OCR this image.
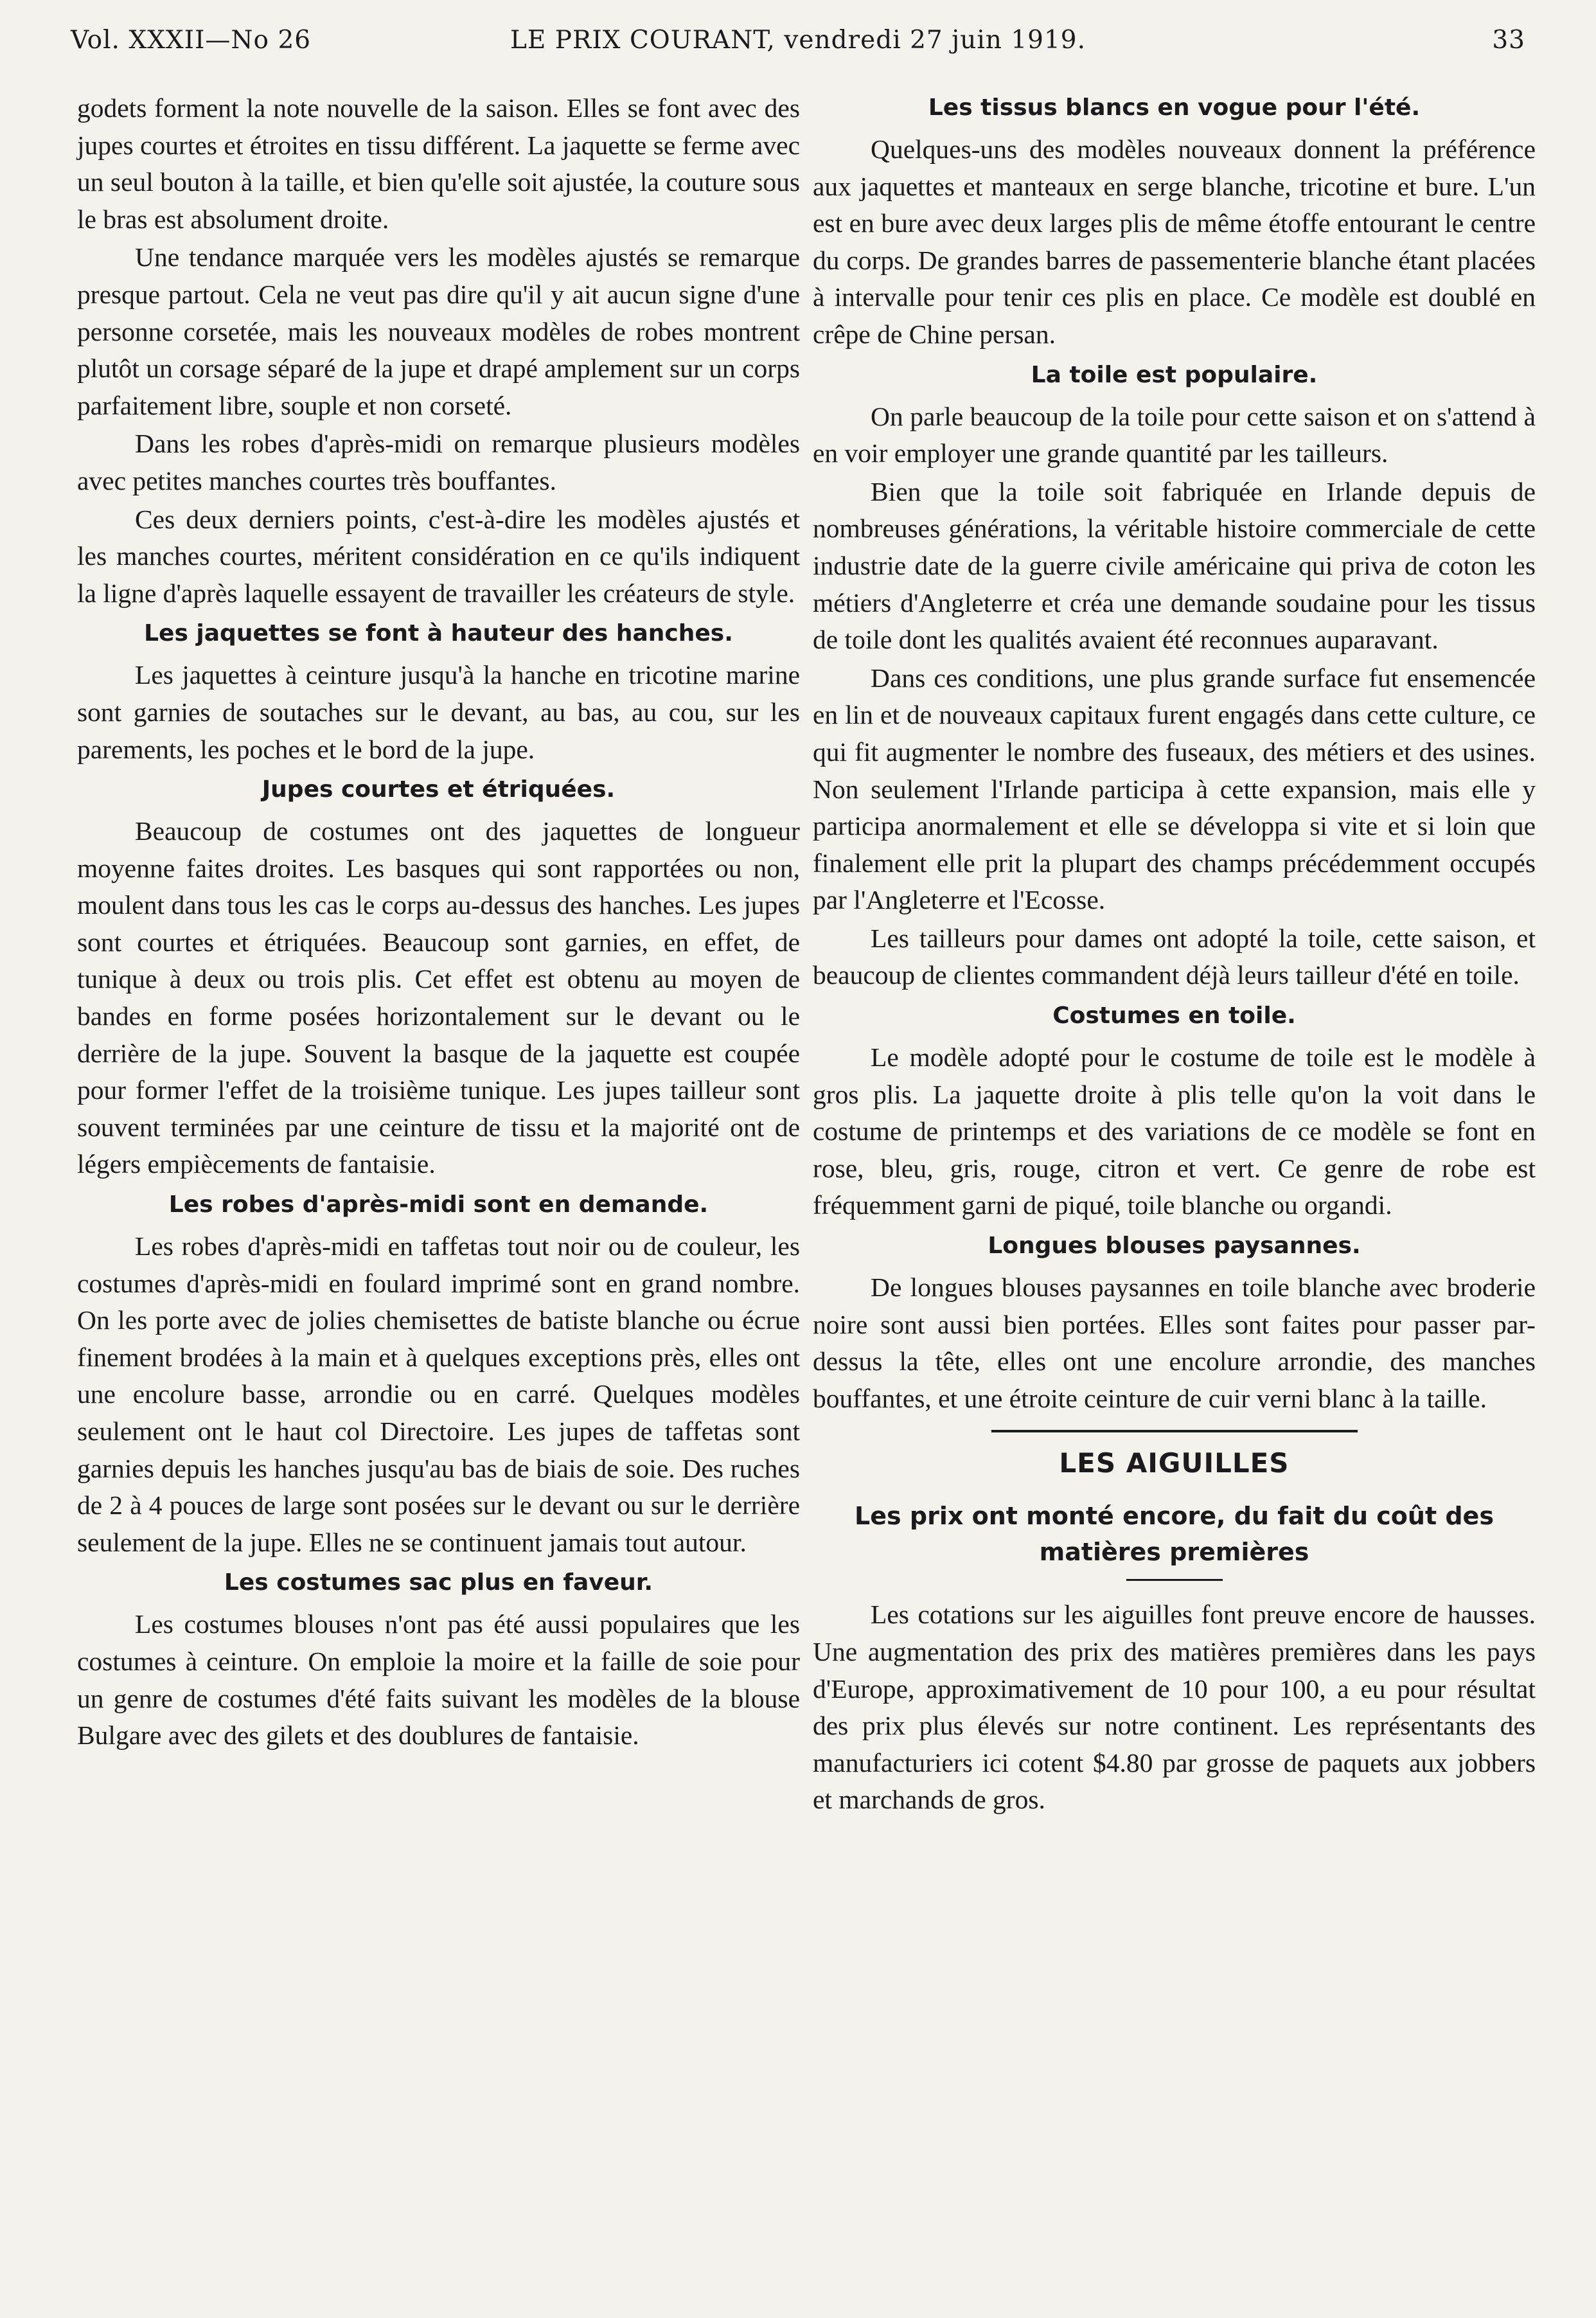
Vol. XXXII—No 26	LE PRIX COURANT, vendredi 27 juin 1919.	33

godets forment la note nouvelle de la saison. Elles se font avec des jupes courtes et étroites en tissu différent. La jaquette se ferme avec un seul bouton à la taille, et bien qu'elle soit ajustée, la couture sous le bras est absolument droite.

Une tendance marquée vers les modèles ajustés se remarque presque partout. Cela ne veut pas dire qu'il y ait aucun signe d'une personne corsetée, mais les nouveaux modèles de robes montrent plutôt un corsage séparé de la jupe et drapé amplement sur un corps parfaitement libre, souple et non corseté.

Dans les robes d'après-midi on remarque plusieurs modèles avec petites manches courtes très bouffantes.

Ces deux derniers points, c'est-à-dire les modèles ajustés et les manches courtes, méritent considération en ce qu'ils indiquent la ligne d'après laquelle essayent de travailler les créateurs de style.

Les jaquettes se font à hauteur des hanches.

Les jaquettes à ceinture jusqu'à la hanche en tricotine marine sont garnies de soutaches sur le devant, au bas, au cou, sur les parements, les poches et le bord de la jupe.

Jupes courtes et étriquées.

Beaucoup de costumes ont des jaquettes de longueur moyenne faites droites. Les basques qui sont rapportées ou non, moulent dans tous les cas le corps au-dessus des hanches. Les jupes sont courtes et étriquées. Beaucoup sont garnies, en effet, de tunique à deux ou trois plis. Cet effet est obtenu au moyen de bandes en forme posées horizontalement sur le devant ou le derrière de la jupe. Souvent la basque de la jaquette est coupée pour former l'effet de la troisième tunique. Les jupes tailleur sont souvent terminées par une ceinture de tissu et la majorité ont de légers empiècements de fantaisie.

Les robes d'après-midi sont en demande.

Les robes d'après-midi en taffetas tout noir ou de couleur, les costumes d'après-midi en foulard imprimé sont en grand nombre. On les porte avec de jolies chemisettes de batiste blanche ou écrue finement brodées à la main et à quelques exceptions près, elles ont une encolure basse, arrondie ou en carré. Quelques modèles seulement ont le haut col Directoire. Les jupes de taffetas sont garnies depuis les hanches jusqu'au bas de biais de soie. Des ruches de 2 à 4 pouces de large sont posées sur le devant ou sur le derrière seulement de la jupe. Elles ne se continuent jamais tout autour.

Les costumes sac plus en faveur.

Les costumes blouses n'ont pas été aussi populaires que les costumes à ceinture. On emploie la moire et la faille de soie pour un genre de costumes d'été faits suivant les modèles de la blouse Bulgare avec des gilets et des doublures de fantaisie.

Les tissus blancs en vogue pour l'été.

Quelques-uns des modèles nouveaux donnent la préférence aux jaquettes et manteaux en serge blanche, tricotine et bure. L'un est en bure avec deux larges plis de même étoffe entourant le centre du corps. De grandes barres de passementerie blanche étant placées à intervalle pour tenir ces plis en place. Ce modèle est doublé en crêpe de Chine persan.

La toile est populaire.

On parle beaucoup de la toile pour cette saison et on s'attend à en voir employer une grande quantité par les tailleurs.

Bien que la toile soit fabriquée en Irlande depuis de nombreuses générations, la véritable histoire commerciale de cette industrie date de la guerre civile américaine qui priva de coton les métiers d'Angleterre et créa une demande soudaine pour les tissus de toile dont les qualités avaient été reconnues auparavant.

Dans ces conditions, une plus grande surface fut ensemencée en lin et de nouveaux capitaux furent engagés dans cette culture, ce qui fit augmenter le nombre des fuseaux, des métiers et des usines. Non seulement l'Irlande participa à cette expansion, mais elle y participa anormalement et elle se développa si vite et si loin que finalement elle prit la plupart des champs précédemment occupés par l'Angleterre et l'Ecosse.

Les tailleurs pour dames ont adopté la toile, cette saison, et beaucoup de clientes commandent déjà leurs tailleur d'été en toile.

Costumes en toile.

Le modèle adopté pour le costume de toile est le modèle à gros plis. La jaquette droite à plis telle qu'on la voit dans le costume de printemps et des variations de ce modèle se font en rose, bleu, gris, rouge, citron et vert. Ce genre de robe est fréquemment garni de piqué, toile blanche ou organdi.

Longues blouses paysannes.

De longues blouses paysannes en toile blanche avec broderie noire sont aussi bien portées. Elles sont faites pour passer par-dessus la tête, elles ont une encolure arrondie, des manches bouffantes, et une étroite ceinture de cuir verni blanc à la taille.

LES AIGUILLES
Les prix ont monté encore, du fait du coût des matières premières

Les cotations sur les aiguilles font preuve encore de hausses. Une augmentation des prix des matières premières dans les pays d'Europe, approximativement de 10 pour 100, a eu pour résultat des prix plus élevés sur notre continent. Les représentants des manufacturiers ici cotent $4.80 par grosse de paquets aux jobbers et marchands de gros.
